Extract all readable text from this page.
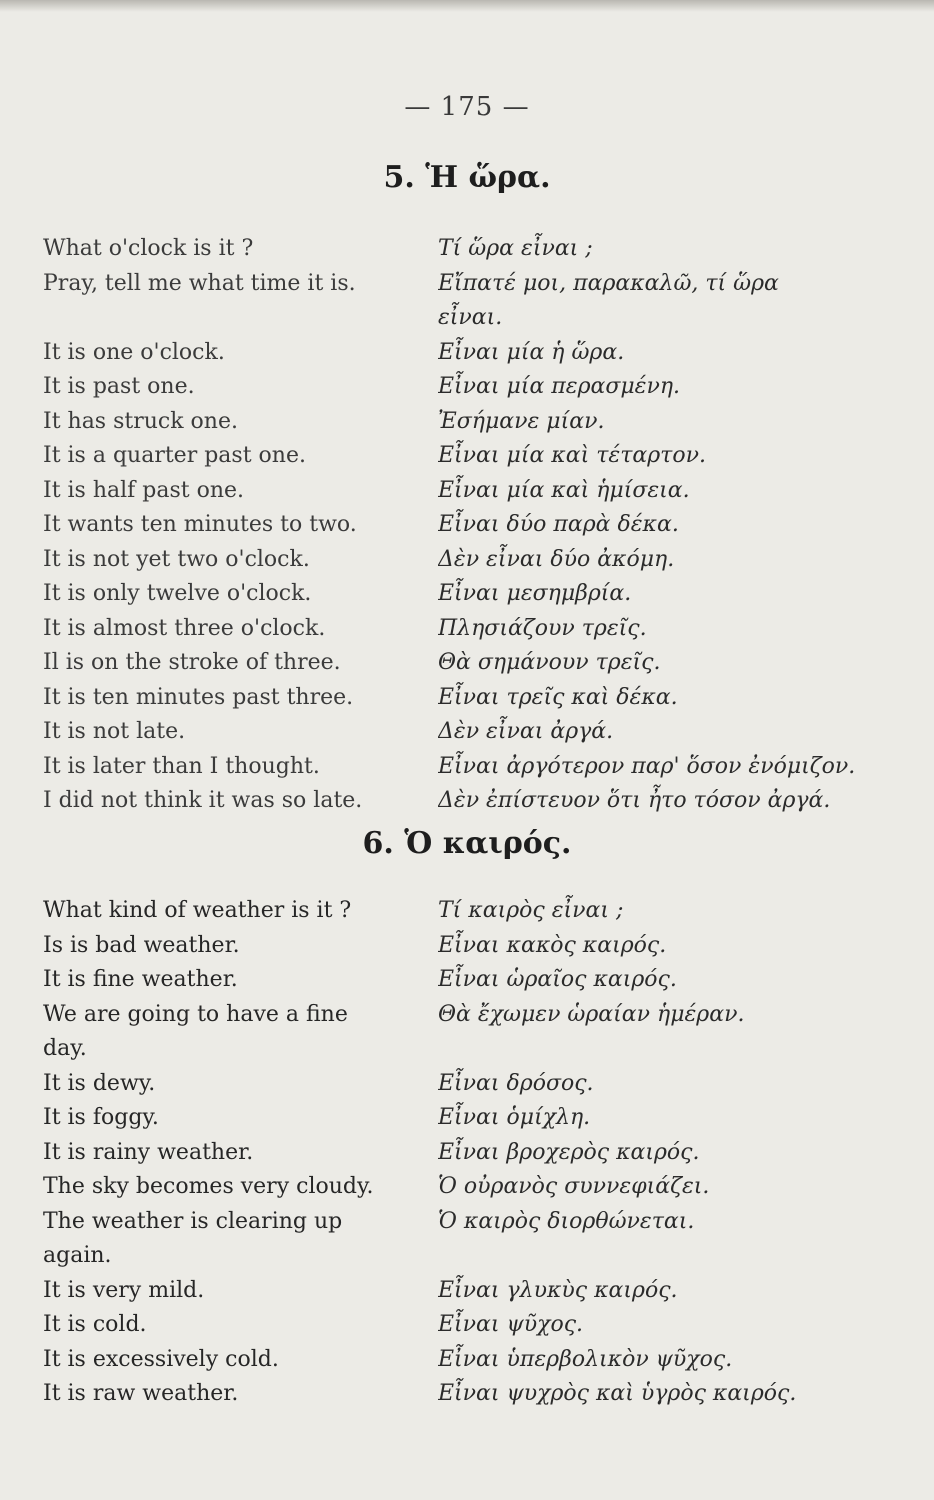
— 175 —
5. Ἡ ὥρα.
What o'clock is it ?	Τί ὥρα εἶναι ;
Pray, tell me what time it is.	Εἴπατέ μοι, παρακαλῶ, τί ὥρα
εἶναι.
It is one o'clock.	Εἶναι μία ἡ ὥρα.
It is past one.	Εἶναι μία περασμένη.
It has struck one.	Ἐσήμανε μίαν.
It is a quarter past one.	Εἶναι μία καὶ τέταρτον.
It is half past one.	Εἶναι μία καὶ ἡμίσεια.
It wants ten minutes to two.	Εἶναι δύο παρὰ δέκα.
It is not yet two o'clock.	Δὲν εἶναι δύο ἀκόμη.
It is only twelve o'clock.	Εἶναι μεσημβρία.
It is almost three o'clock.	Πλησιάζουν τρεῖς.
Il is on the stroke of three.	Θὰ σημάνουν τρεῖς.
It is ten minutes past three.	Εἶναι τρεῖς καὶ δέκα.
It is not late.	Δὲν εἶναι ἀργά.
It is later than I thought.	Εἶναι ἀργότερον παρ' ὅσον ἐνόμιζον.
I did not think it was so late.	Δὲν ἐπίστευον ὅτι ἦτο τόσον ἀργά.
6. Ὁ καιρός.
What kind of weather is it ?	Τί καιρὸς εἶναι ;
Is is bad weather.	Εἶναι κακὸς καιρός.
It is fine weather.	Εἶναι ὡραῖος καιρός.
We are going to have a fine	Θὰ ἔχωμεν ὡραίαν ἡμέραν.
day.
It is dewy.	Εἶναι δρόσος.
It is foggy.	Εἶναι ὁμίχλη.
It is rainy weather.	Εἶναι βροχερὸς καιρός.
The sky becomes very cloudy.	Ὁ οὐρανὸς συννεφιάζει.
The weather is clearing up	Ὁ καιρὸς διορθώνεται.
again.
It is very mild.	Εἶναι γλυκὺς καιρός.
It is cold.	Εἶναι ψῦχος.
It is excessively cold.	Εἶναι ὑπερβολικὸν ψῦχος.
It is raw weather.	Εἶναι ψυχρὸς καὶ ὑγρὸς καιρός.
